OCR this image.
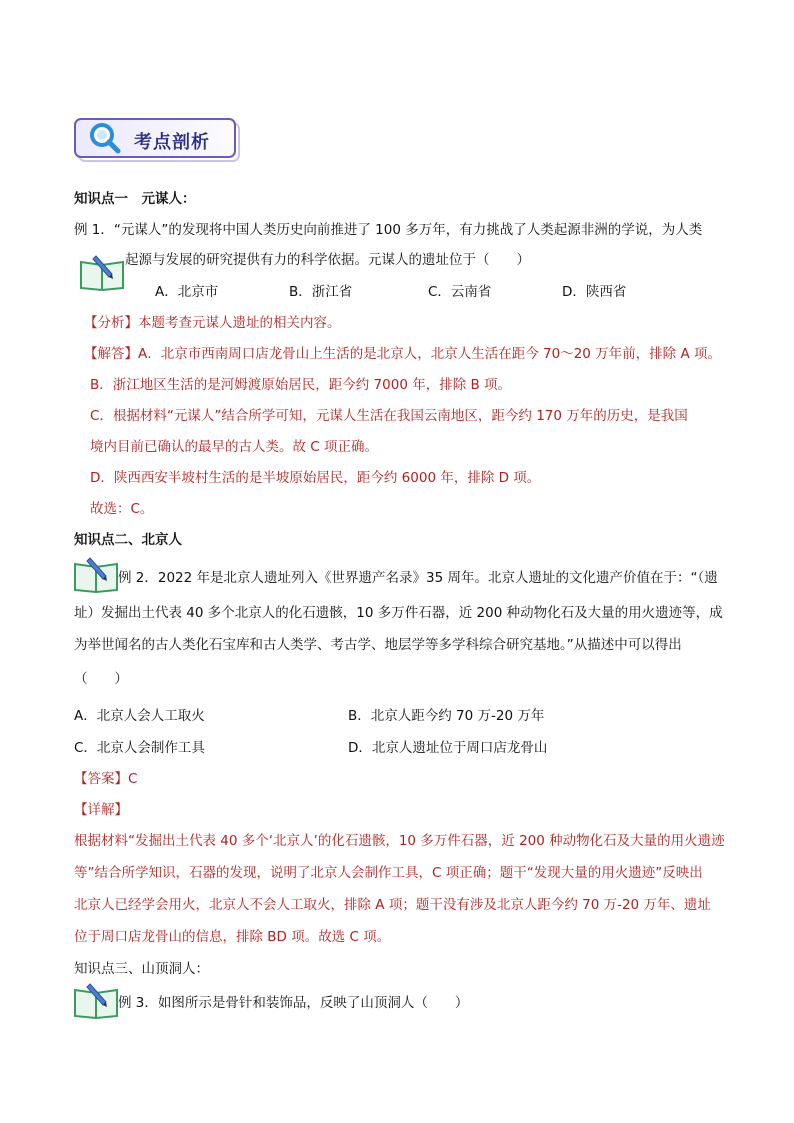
考点剖析
知识点一　元谋人：
例 1．“元谋人”的发现将中国人类历史向前推进了 100 多万年，有力挑战了人类起源非洲的学说，为人类
起源与发展的研究提供有力的科学依据。元谋人的遗址位于（　　）
A．北京市	B．浙江省	C．云南省	D．陕西省
【分析】本题考查元谋人遗址的相关内容。
【解答】A．北京市西南周口店龙骨山上生活的是北京人，北京人生活在距今 70～20 万年前，排除 A 项。
B．浙江地区生活的是河姆渡原始居民，距今约 7000 年，排除 B 项。
C．根据材料“元谋人”结合所学可知，元谋人生活在我国云南地区，距今约 170 万年的历史，是我国
境内目前已确认的最早的古人类。故 C 项正确。
D．陕西西安半坡村生活的是半坡原始居民，距今约 6000 年，排除 D 项。
故选：C。
知识点二、北京人
例 2．2022 年是北京人遗址列入《世界遗产名录》35 周年。北京人遗址的文化遗产价值在于：“（遗
址）发掘出土代表 40 多个北京人的化石遗骸，10 多万件石器，近 200 种动物化石及大量的用火遗迹等，成
为举世闻名的古人类化石宝库和古人类学、考古学、地层学等多学科综合研究基地。”从描述中可以得出
（　　）
A．北京人会人工取火	B．北京人距今约 70 万-20 万年
C．北京人会制作工具	D．北京人遗址位于周口店龙骨山
【答案】C
【详解】
根据材料“发掘出土代表 40 多个‘北京人’的化石遗骸，10 多万件石器，近 200 种动物化石及大量的用火遗迹
等”结合所学知识，石器的发现，说明了北京人会制作工具，C 项正确；题干“发现大量的用火遗迹”反映出
北京人已经学会用火，北京人不会人工取火，排除 A 项；题干没有涉及北京人距今约 70 万-20 万年、遗址
位于周口店龙骨山的信息，排除 BD 项。故选 C 项。
知识点三、山顶洞人：
例 3．如图所示是骨针和装饰品，反映了山顶洞人（　　）
